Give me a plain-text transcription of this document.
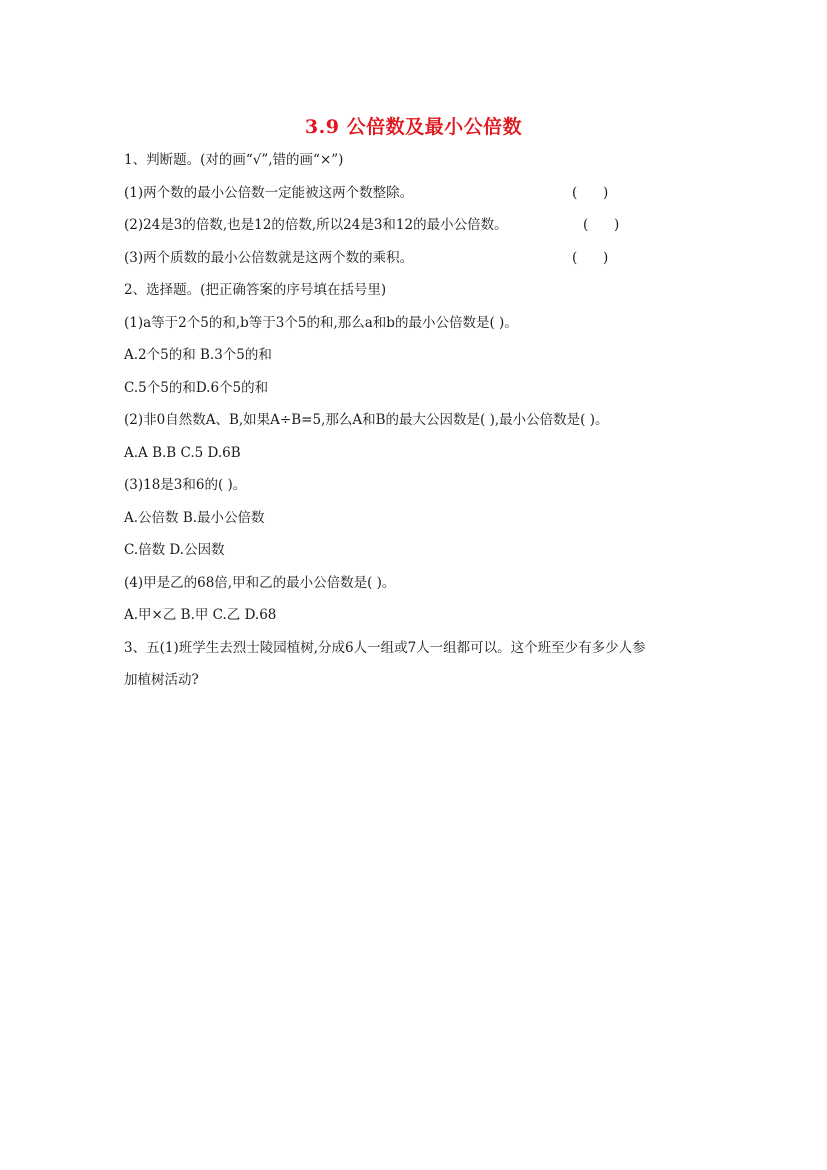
3.9 公倍数及最小公倍数
1、判断题。(对的画“√”,错的画“×”)
(1)两个数的最小公倍数一定能被这两个数整除。	(      )
(2)24是3的倍数,也是12的倍数,所以24是3和12的最小公倍数。	(      )
(3)两个质数的最小公倍数就是这两个数的乘积。	(      )
2、选择题。(把正确答案的序号填在括号里)
(1)a等于2个5的和,b等于3个5的和,那么a和b的最小公倍数是( )。
A.2个5的和 B.3个5的和
C.5个5的和D.6个5的和
(2)非0自然数A、B,如果A÷B=5,那么A和B的最大公因数是( ),最小公倍数是( )。
A.A B.B C.5 D.6B
(3)18是3和6的( )。
A.公倍数 B.最小公倍数
C.倍数 D.公因数
(4)甲是乙的68倍,甲和乙的最小公倍数是( )。
A.甲×乙 B.甲 C.乙 D.68
3、五(1)班学生去烈士陵园植树,分成6人一组或7人一组都可以。这个班至少有多少人参
加植树活动?
